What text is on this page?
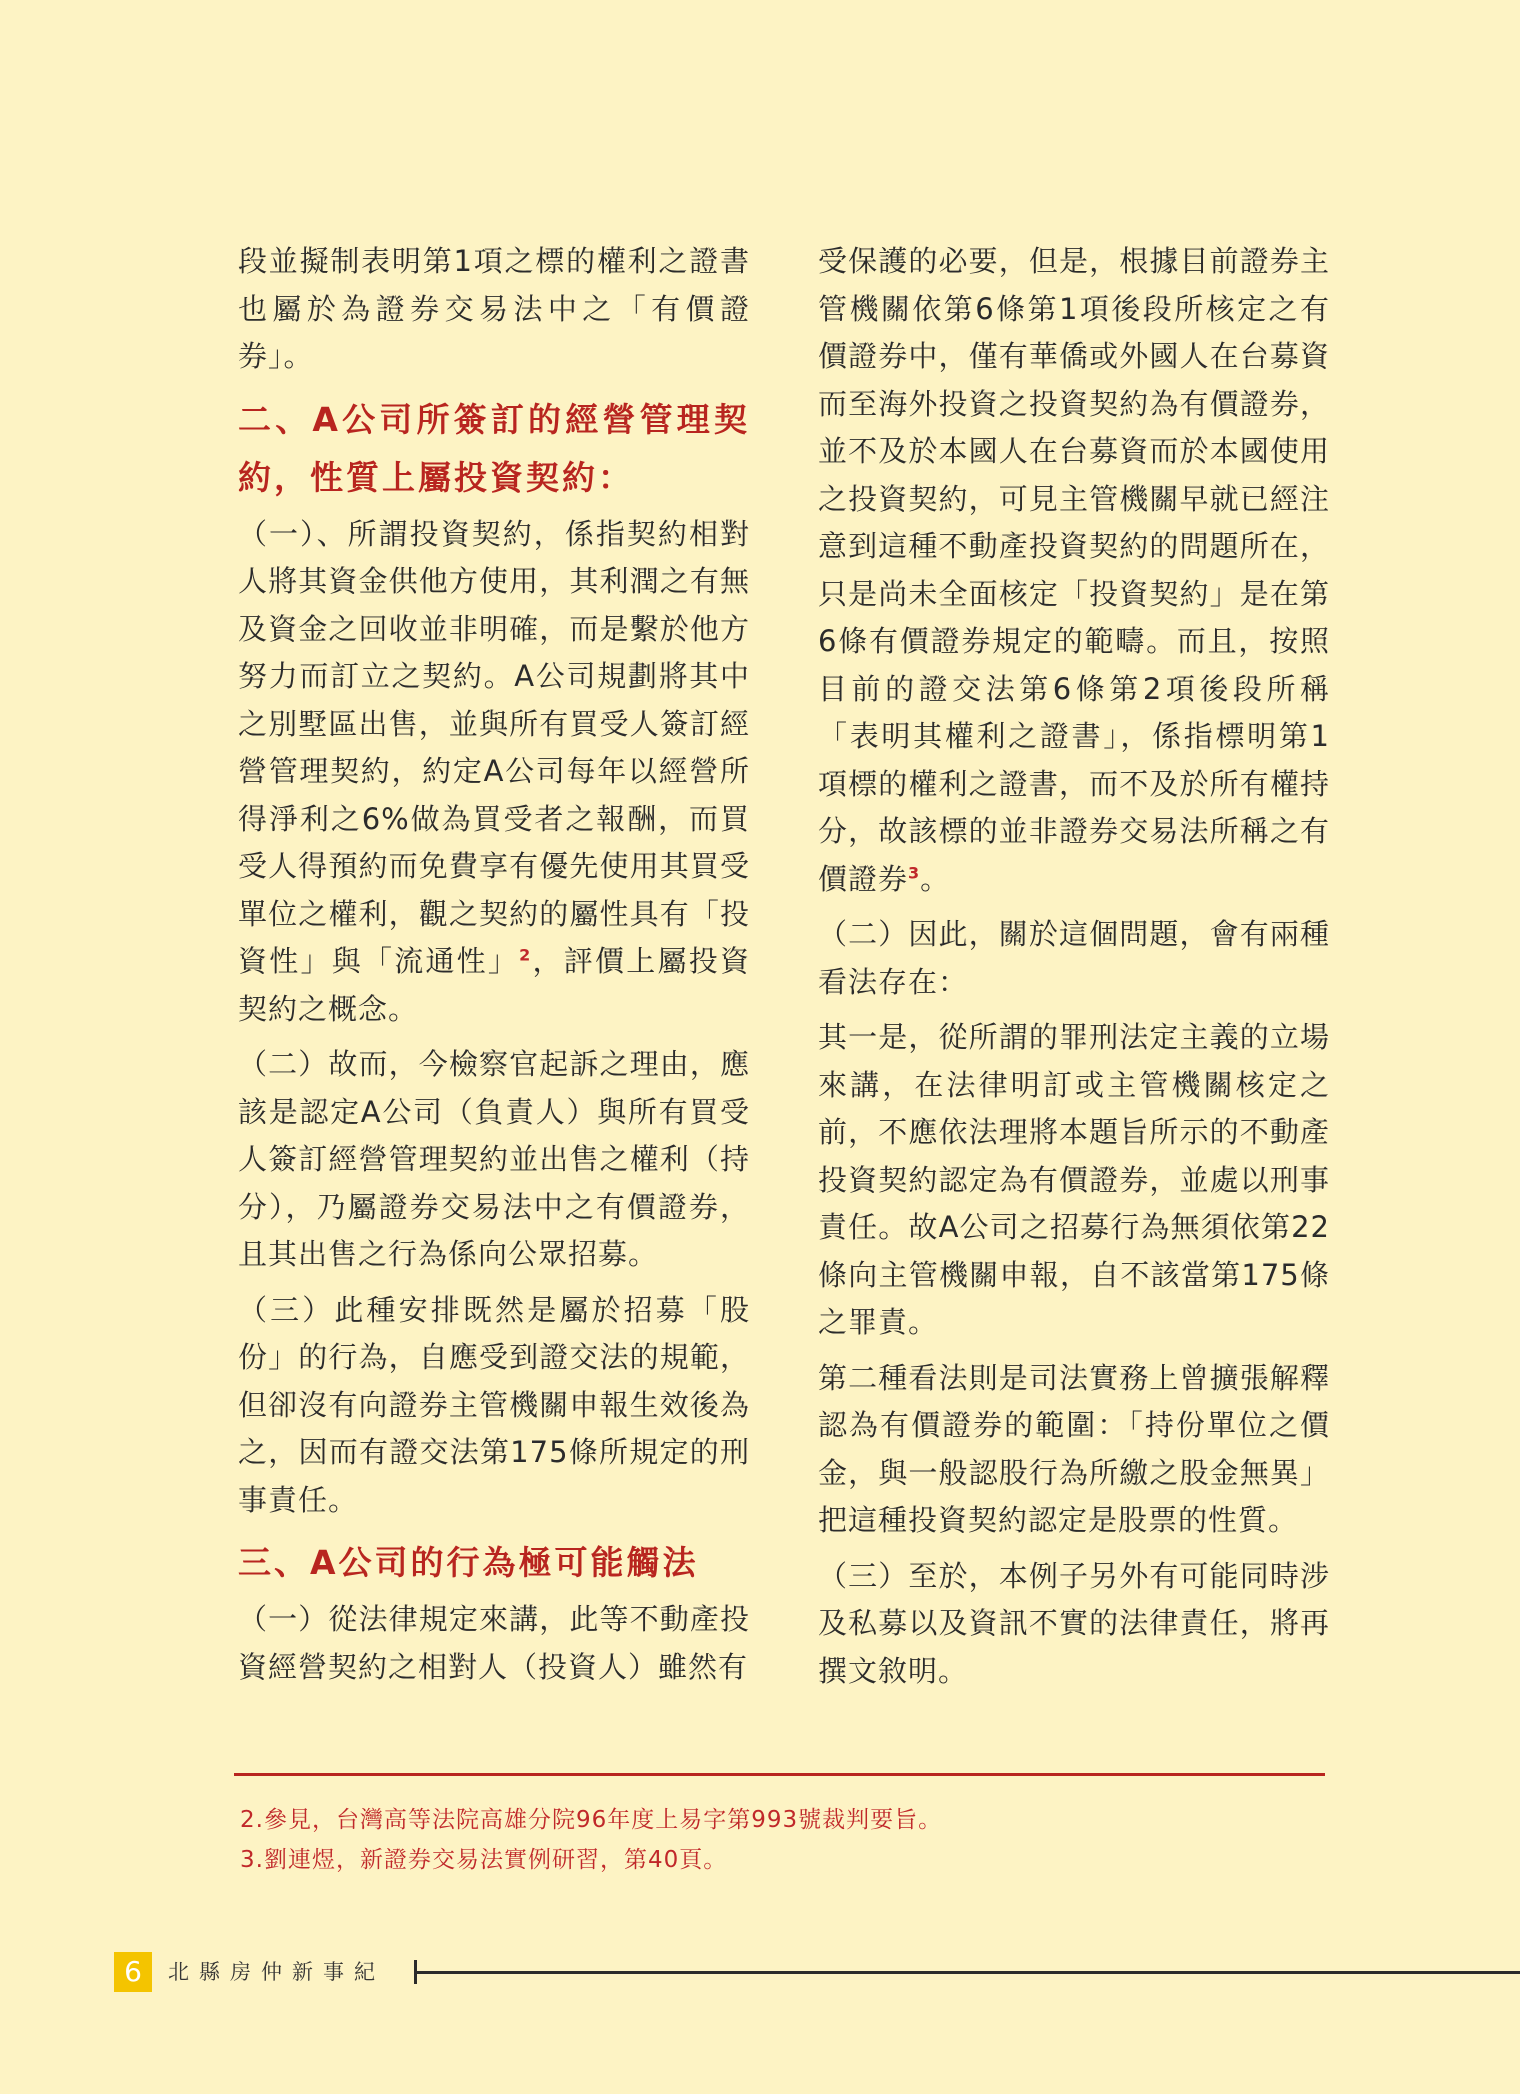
段並擬制表明第1項之標的權利之證書也屬於為證券交易法中之「有價證券」。

二、A公司所簽訂的經營管理契約，性質上屬投資契約：

（一）、所謂投資契約，係指契約相對人將其資金供他方使用，其利潤之有無及資金之回收並非明確，而是繫於他方努力而訂立之契約。A公司規劃將其中之別墅區出售，並與所有買受人簽訂經營管理契約，約定A公司每年以經營所得淨利之6%做為買受者之報酬，而買受人得預約而免費享有優先使用其買受單位之權利，觀之契約的屬性具有「投資性」與「流通性」$^2$，評價上屬投資契約之概念。

（二）故而，今檢察官起訴之理由，應該是認定A公司（負責人）與所有買受人簽訂經營管理契約並出售之權利（持分），乃屬證券交易法中之有價證券，且其出售之行為係向公眾招募。

（三）此種安排既然是屬於招募「股份」的行為，自應受到證交法的規範，但卻沒有向證券主管機關申報生效後為之，因而有證交法第175條所規定的刑事責任。

三、A公司的行為極可能觸法

（一）從法律規定來講，此等不動產投資經營契約之相對人（投資人）雖然有

受保護的必要，但是，根據目前證券主管機關依第6條第1項後段所核定之有價證券中，僅有華僑或外國人在台募資而至海外投資之投資契約為有價證券，並不及於本國人在台募資而於本國使用之投資契約，可見主管機關早就已經注意到這種不動產投資契約的問題所在，只是尚未全面核定「投資契約」是在第6條有價證券規定的範疇。而且，按照目前的證交法第6條第2項後段所稱「表明其權利之證書」，係指標明第1項標的權利之證書，而不及於所有權持分，故該標的並非證券交易法所稱之有價證券$^3$。

（二）因此，關於這個問題，會有兩種看法存在：

其一是，從所謂的罪刑法定主義的立場來講，在法律明訂或主管機關核定之前，不應依法理將本題旨所示的不動產投資契約認定為有價證券，並處以刑事責任。故A公司之招募行為無須依第22條向主管機關申報，自不該當第175條之罪責。

第二種看法則是司法實務上曾擴張解釋認為有價證券的範圍：「持份單位之價金，與一般認股行為所繳之股金無異」把這種投資契約認定是股票的性質。

（三）至於，本例子另外有可能同時涉及私募以及資訊不實的法律責任，將再撰文敘明。

2.參見，台灣高等法院高雄分院96年度上易字第993號裁判要旨。
3.劉連煜，新證券交易法實例研習，第40頁。
6	北縣房仲新事紀
